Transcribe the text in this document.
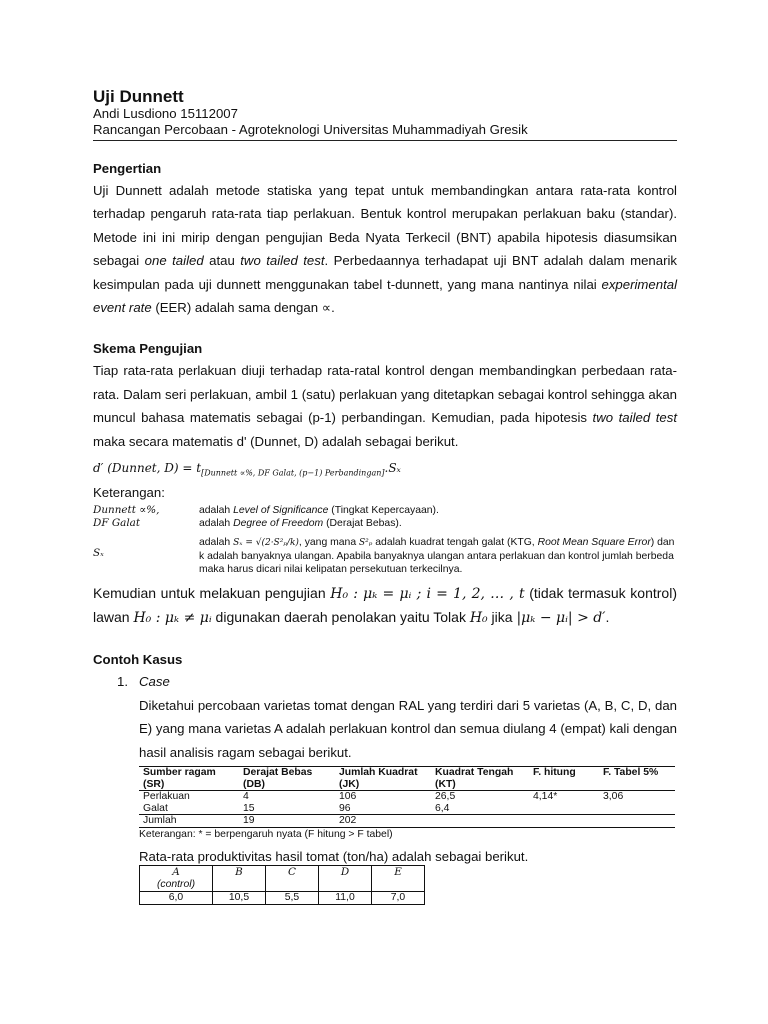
Uji Dunnett
Andi Lusdiono 15112007
Rancangan Percobaan - Agroteknologi Universitas Muhammadiyah Gresik
Pengertian

Uji Dunnett adalah metode statiska yang tepat untuk membandingkan antara rata-rata kontrol terhadap pengaruh rata-rata tiap perlakuan. Bentuk kontrol merupakan perlakuan baku (standar). Metode ini ini mirip dengan pengujian Beda Nyata Terkecil (BNT) apabila hipotesis diasumsikan sebagai one tailed atau two tailed test. Perbedaannya terhadapat uji BNT adalah dalam menarik kesimpulan pada uji dunnett menggunakan tabel t-dunnett, yang mana nantinya nilai experimental event rate (EER) adalah sama dengan ∝.

Skema Pengujian

Tiap rata-rata perlakuan diuji terhadap rata-ratal kontrol dengan membandingkan perbedaan rata-rata. Dalam seri perlakuan, ambil 1 (satu) perlakuan yang ditetapkan sebagai kontrol sehingga akan muncul bahasa matematis sebagai (p-1) perbandingan. Kemudian, pada hipotesis two tailed test maka secara matematis d' (Dunnet, D) adalah sebagai berikut.

d′ (Dunnet, $D) = t_{[Dunnett \propto\%, DF Galat, (p-1) Perbandingan]}.S_x$
Keterangan:
Dunnett ∝%,	adalah Level of Significance (Tingkat Kepercayaan).
DF Galat	adalah Degree of Freedom (Derajat Bebas).
Sₓ	adalah Sₓ = √(2·S²ₚ/k), yang mana S²ₚ adalah kuadrat tengah galat (KTG, Root Mean Square Error) dan k adalah banyaknya ulangan. Apabila banyaknya ulangan antara perlakuan dan kontrol jumlah berbeda maka harus dicari nilai kelipatan persekutuan terkecilnya.

Kemudian untuk melakuan pengujian H₀ : μₖ = μᵢ ; i = 1, 2, … , t (tidak termasuk kontrol) lawan H₀ : μₖ ≠ μᵢ digunakan daerah penolakan yaitu Tolak H₀ jika |μₖ − μᵢ| > d′.

Contoh Kasus
1. Case

Diketahui percobaan varietas tomat dengan RAL yang terdiri dari 5 varietas (A, B, C, D, dan E) yang mana varietas A adalah perlakuan kontrol dan semua diulang 4 (empat) kali dengan hasil analisis ragam sebagai berikut.

Sumber ragam (SR)	Derajat Bebas (DB)	Jumlah Kuadrat (JK)	Kuadrat Tengah (KT)	F. hitung	F. Tabel 5%
Perlakuan	4	106	26,5	4,14*	3,06
Galat	15	96	6,4		
Jumlah	19	202			
Keterangan: * = berpengaruh nyata (F hitung > F tabel)
Rata-rata produktivitas hasil tomat (ton/ha) adalah sebagai berikut.
A
(control)	B	C	D	E
6,0	10,5	5,5	11,0	7,0
